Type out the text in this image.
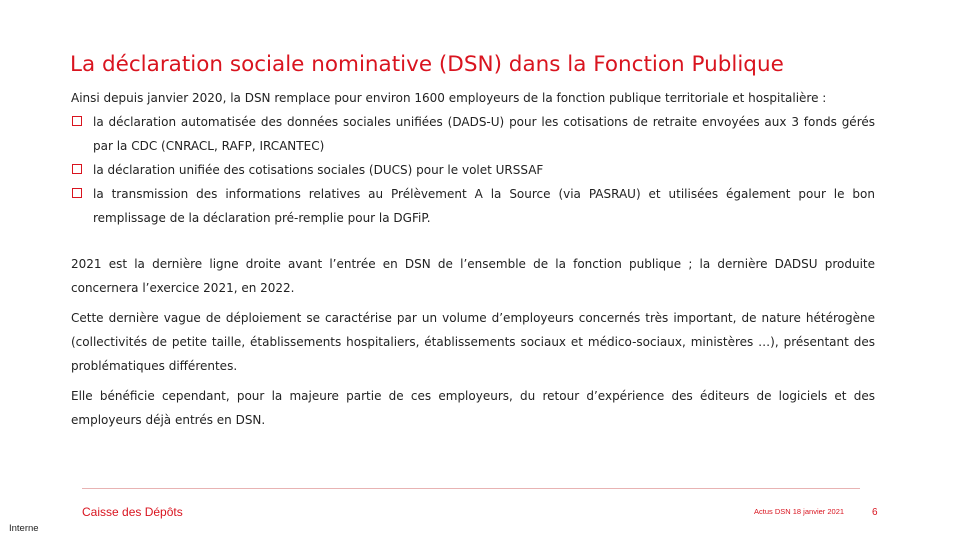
La déclaration sociale nominative (DSN) dans la Fonction Publique

Ainsi depuis janvier 2020, la DSN remplace pour environ 1600 employeurs de la fonction publique territoriale et hospitalière :

la déclaration automatisée des données sociales unifiées (DADS-U) pour les cotisations de retraite envoyées aux 3 fonds gérés par la CDC (CNRACL, RAFP, IRCANTEC)
la déclaration unifiée des cotisations sociales (DUCS) pour le volet URSSAF
la transmission des informations relatives au Prélèvement A la Source (via PASRAU) et utilisées également pour le bon remplissage de la déclaration pré-remplie pour la DGFiP.

2021 est la dernière ligne droite avant l’entrée en DSN de l’ensemble de la fonction publique ; la dernière DADSU produite concernera l’exercice 2021, en 2022.

Cette dernière vague de déploiement se caractérise par un volume d’employeurs concernés très important, de nature hétérogène (collectivités de petite taille, établissements hospitaliers, établissements sociaux et médico-sociaux, ministères …), présentant des problématiques différentes.

Elle bénéficie cependant, pour la majeure partie de ces employeurs, du retour d’expérience des éditeurs de logiciels et des employeurs déjà entrés en DSN.

Caisse des Dépôts	Actus DSN 18 janvier 2021	6
Interne
